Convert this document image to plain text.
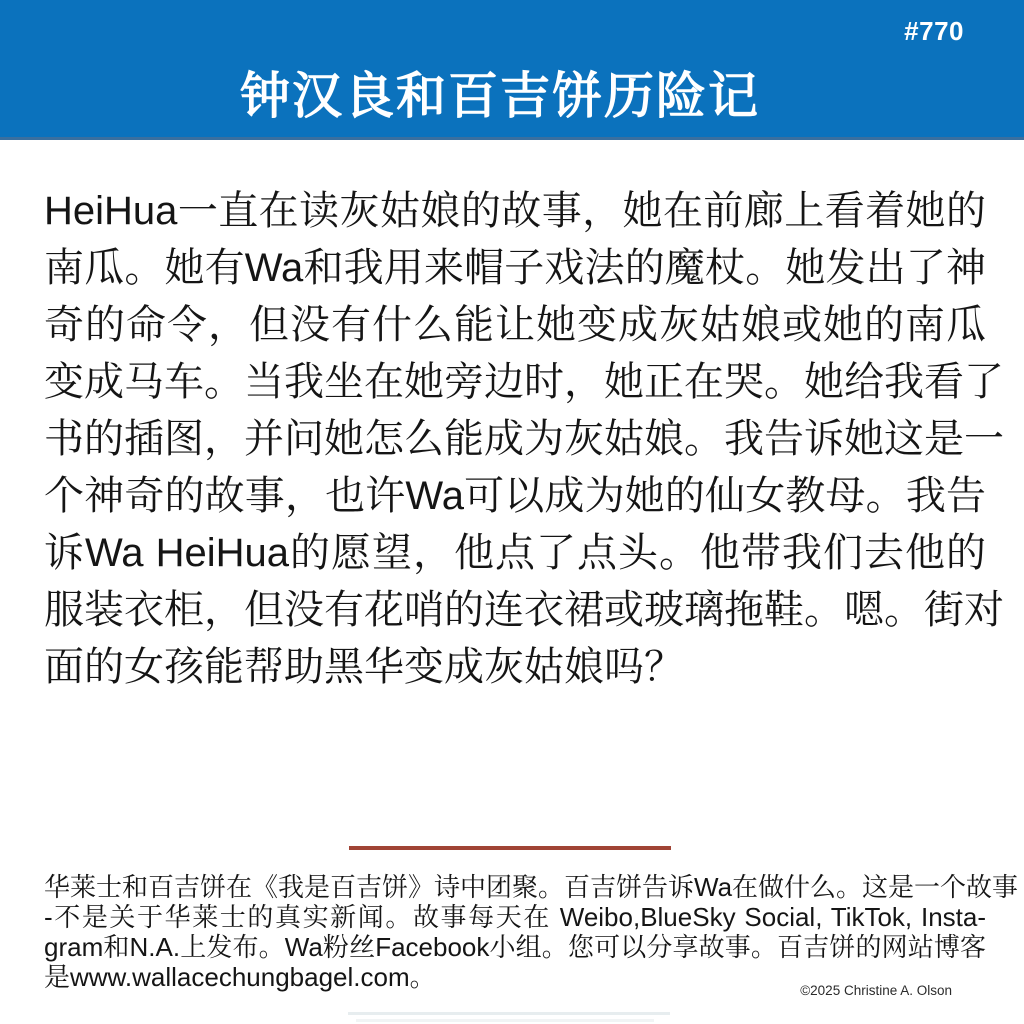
#770
钟汉良和百吉饼历险记
HeiHua一直在读灰姑娘的故事，她在前廊上看着她的
南瓜。她有Wa和我用来帽子戏法的魔杖。她发出了神
奇的命令，但没有什么能让她变成灰姑娘或她的南瓜
变成马车。当我坐在她旁边时，她正在哭。她给我看了
书的插图，并问她怎么能成为灰姑娘。我告诉她这是一
个神奇的故事，也许Wa可以成为她的仙女教母。我告
诉Wa HeiHua的愿望，他点了点头。他带我们去他的
服装衣柜，但没有花哨的连衣裙或玻璃拖鞋。嗯。街对
面的女孩能帮助黑华变成灰姑娘吗？
华莱士和百吉饼在《我是百吉饼》诗中团聚。百吉饼告诉Wa在做什么。这是一个故事
-不是关于华莱士的真实新闻。故事每天在 Weibo,BlueSky Social, TikTok, Insta-
gram和N.A.上发布。Wa粉丝Facebook小组。您可以分享故事。百吉饼的网站博客
是www.wallacechungbagel.com。	©2025 Christine A. Olson
